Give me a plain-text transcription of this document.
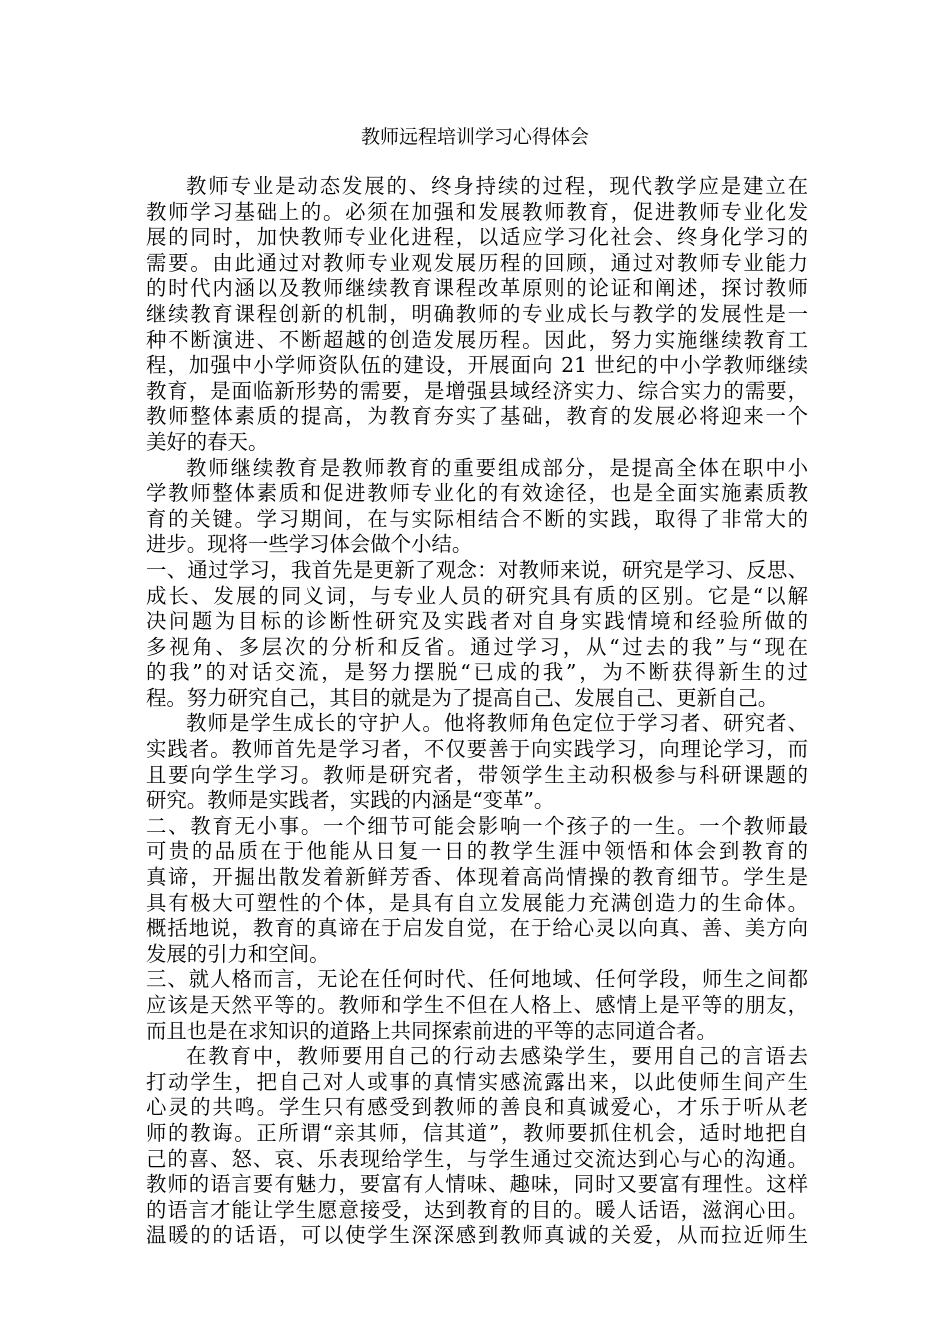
教师远程培训学习心得体会
教师专业是动态发展的、终身持续的过程，现代教学应是建立在
教师学习基础上的。必须在加强和发展教师教育，促进教师专业化发
展的同时，加快教师专业化进程，以适应学习化社会、终身化学习的
需要。由此通过对教师专业观发展历程的回顾，通过对教师专业能力
的时代内涵以及教师继续教育课程改革原则的论证和阐述，探讨教师
继续教育课程创新的机制，明确教师的专业成长与教学的发展性是一
种不断演进、不断超越的创造发展历程。因此，努力实施继续教育工
程，加强中小学师资队伍的建设，开展面向 21 世纪的中小学教师继续
教育，是面临新形势的需要，是增强县域经济实力、综合实力的需要，
教师整体素质的提高，为教育夯实了基础，教育的发展必将迎来一个
美好的春天。
教师继续教育是教师教育的重要组成部分，是提高全体在职中小
学教师整体素质和促进教师专业化的有效途径，也是全面实施素质教
育的关键。学习期间，在与实际相结合不断的实践，取得了非常大的
进步。现将一些学习体会做个小结。
一、通过学习，我首先是更新了观念：对教师来说，研究是学习、反思、
成长、发展的同义词，与专业人员的研究具有质的区别。它是“以解
决问题为目标的诊断性研究及实践者对自身实践情境和经验所做的
多视角、多层次的分析和反省。通过学习，从“过去的我”与“现在
的我”的对话交流，是努力摆脱“已成的我”，为不断获得新生的过
程。努力研究自己，其目的就是为了提高自己、发展自己、更新自己。
教师是学生成长的守护人。他将教师角色定位于学习者、研究者、
实践者。教师首先是学习者，不仅要善于向实践学习，向理论学习，而
且要向学生学习。教师是研究者，带领学生主动积极参与科研课题的
研究。教师是实践者，实践的内涵是“变革”。
二、教育无小事。一个细节可能会影响一个孩子的一生。一个教师最
可贵的品质在于他能从日复一日的教学生涯中领悟和体会到教育的
真谛，开掘出散发着新鲜芳香、体现着高尚情操的教育细节。学生是
具有极大可塑性的个体，是具有自立发展能力充满创造力的生命体。
概括地说，教育的真谛在于启发自觉，在于给心灵以向真、善、美方向
发展的引力和空间。
三、就人格而言，无论在任何时代、任何地域、任何学段，师生之间都
应该是天然平等的。教师和学生不但在人格上、感情上是平等的朋友，
而且也是在求知识的道路上共同探索前进的平等的志同道合者。
在教育中，教师要用自己的行动去感染学生，要用自己的言语去
打动学生，把自己对人或事的真情实感流露出来，以此使师生间产生
心灵的共鸣。学生只有感受到教师的善良和真诚爱心，才乐于听从老
师的教诲。正所谓“亲其师，信其道”，教师要抓住机会，适时地把自
己的喜、怒、哀、乐表现给学生，与学生通过交流达到心与心的沟通。
教师的语言要有魅力，要富有人情味、趣味，同时又要富有理性。这样
的语言才能让学生愿意接受，达到教育的目的。暖人话语，滋润心田。
温暖的的话语，可以使学生深深感到教师真诚的关爱，从而拉近师生
